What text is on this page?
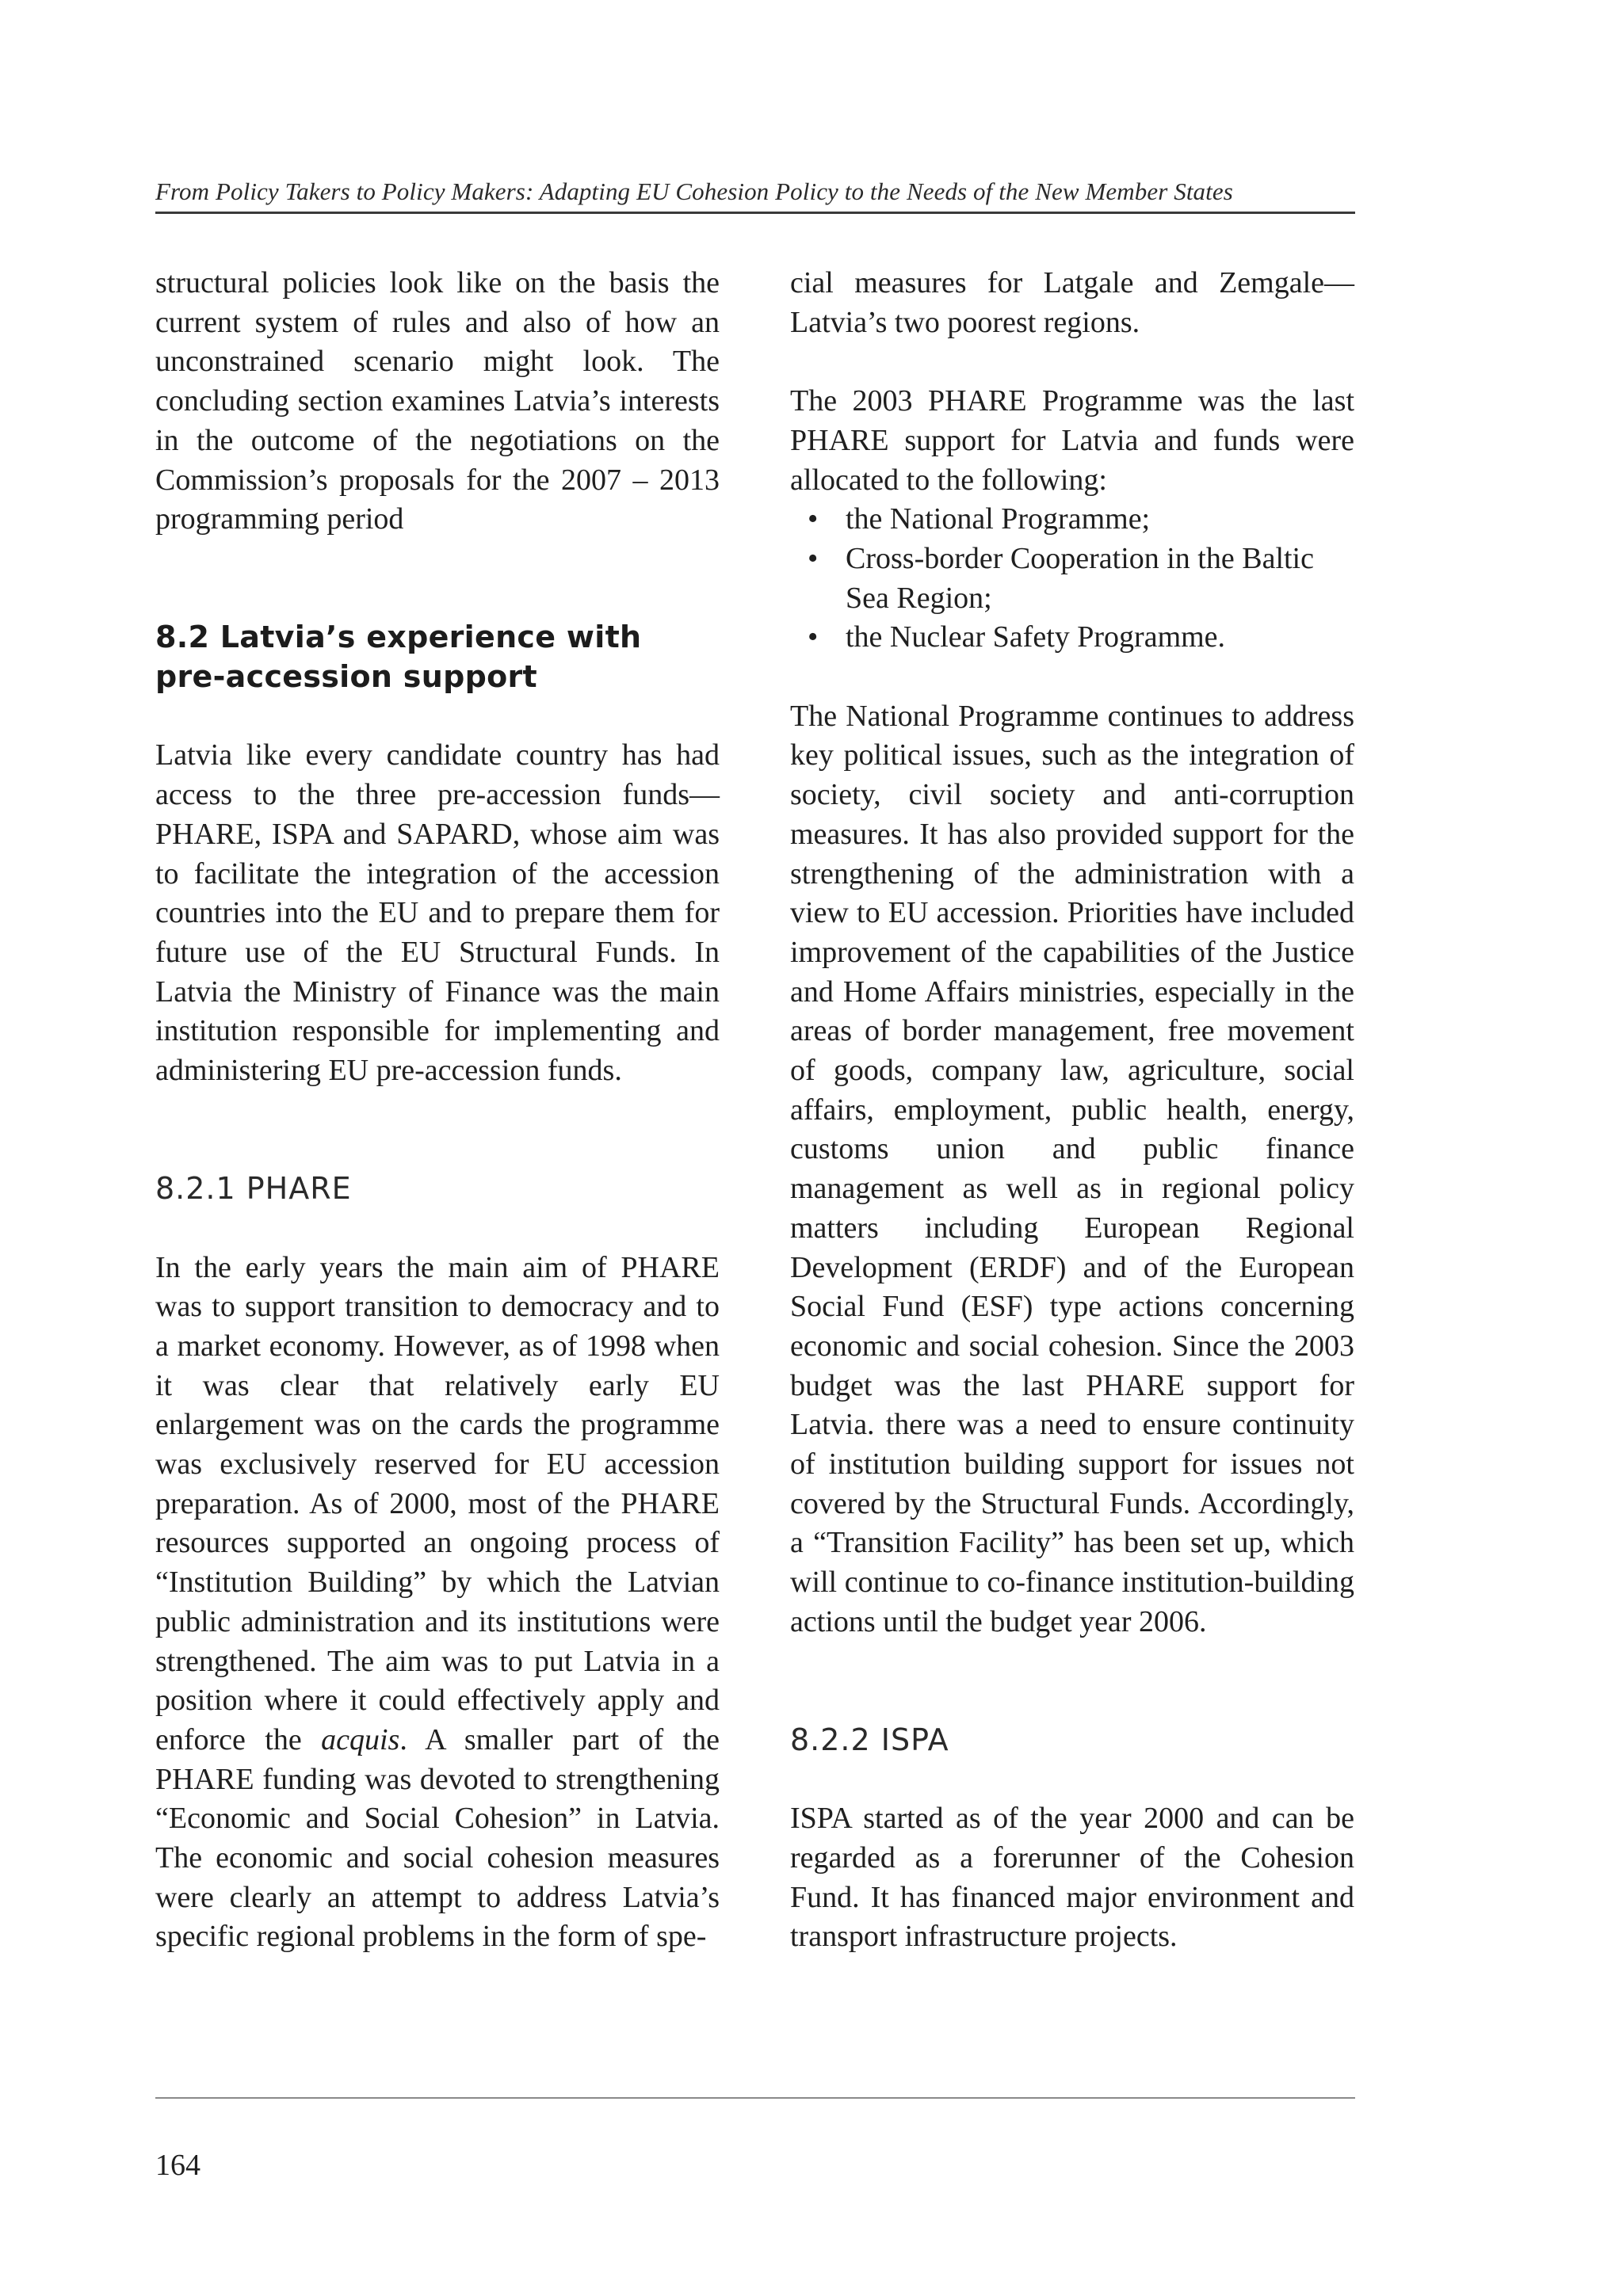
From Policy Takers to Policy Makers: Adapting EU Cohesion Policy to the Needs of the New Member States

structural policies look like on the basis the current system of rules and also of how an unconstrained scenario might look. The concluding section examines Latvia’s interests in the outcome of the negotiations on the Commission’s proposals for the 2007 – 2013 programming period

8.2 Latvia’s experience with pre-accession support

Latvia like every candidate country has had access to the three pre-accession funds—PHARE, ISPA and SAPARD, whose aim was to facilitate the integration of the accession countries into the EU and to prepare them for future use of the EU Structural Funds. In Latvia the Ministry of Finance was the main institution responsible for implementing and administering EU pre-accession funds.

8.2.1 PHARE

In the early years the main aim of PHARE was to support transition to democracy and to a market economy. However, as of 1998 when it was clear that relatively early EU enlargement was on the cards the programme was exclusively reserved for EU accession preparation. As of 2000, most of the PHARE resources supported an ongoing process of “Institution Building” by which the Latvian public administration and its institutions were strengthened. The aim was to put Latvia in a position where it could effectively apply and enforce the acquis. A smaller part of the PHARE funding was devoted to strengthening “Economic and Social Cohesion” in Latvia. The economic and social cohesion measures were clearly an attempt to address Latvia’s specific regional problems in the form of spe-

cial measures for Latgale and Zemgale—Latvia’s two poorest regions.

The 2003 PHARE Programme was the last PHARE support for Latvia and funds were allocated to the following:

• the National Programme;
• Cross-border Cooperation in the Baltic Sea Region;
• the Nuclear Safety Programme.

The National Programme continues to address key political issues, such as the integration of society, civil society and anti-corruption measures. It has also provided support for the strengthening of the administration with a view to EU accession. Priorities have included improvement of the capabilities of the Justice and Home Affairs ministries, especially in the areas of border management, free movement of goods, company law, agriculture, social affairs, employment, public health, energy, customs union and public finance management as well as in regional policy matters including European Regional Development (ERDF) and of the European Social Fund (ESF) type actions concerning economic and social cohesion. Since the 2003 budget was the last PHARE support for Latvia. there was a need to ensure continuity of institution building support for issues not covered by the Structural Funds. Accordingly, a “Transition Facility” has been set up, which will continue to co-finance institution-building actions until the budget year 2006.

8.2.2 ISPA

ISPA started as of the year 2000 and can be regarded as a forerunner of the Cohesion Fund. It has financed major environment and transport infrastructure projects.

164
